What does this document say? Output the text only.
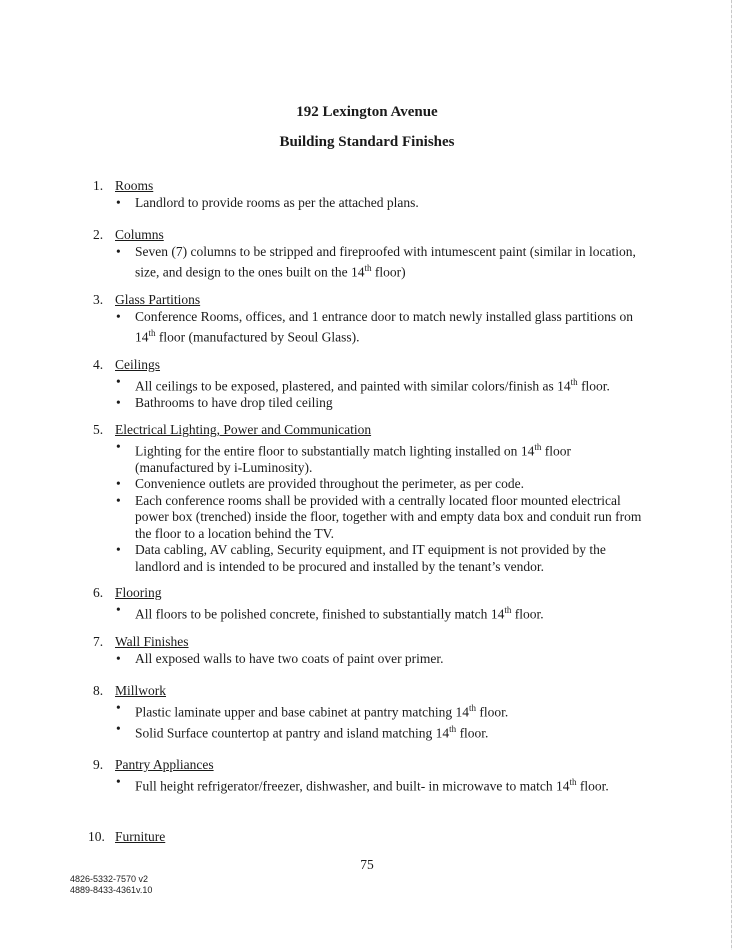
192 Lexington Avenue
Building Standard Finishes

1. Rooms

• Landlord to provide rooms as per the attached plans.

2. Columns

• Seven (7) columns to be stripped and fireproofed with intumescent paint (similar in location, size, and design to the ones built on the 14th floor)

3. Glass Partitions

• Conference Rooms, offices, and 1 entrance door to match newly installed glass partitions on 14th floor (manufactured by Seoul Glass).

4. Ceilings

• All ceilings to be exposed, plastered, and painted with similar colors/finish as 14th floor.
• Bathrooms to have drop tiled ceiling

5. Electrical Lighting, Power and Communication

• Lighting for the entire floor to substantially match lighting installed on 14th floor (manufactured by i-Luminosity).
• Convenience outlets are provided throughout the perimeter, as per code.
• Each conference rooms shall be provided with a centrally located floor mounted electrical power box (trenched) inside the floor, together with and empty data box and conduit run from the floor to a location behind the TV.
• Data cabling, AV cabling, Security equipment, and IT equipment is not provided by the landlord and is intended to be procured and installed by the tenant’s vendor.

6. Flooring

• All floors to be polished concrete, finished to substantially match 14th floor.

7. Wall Finishes

• All exposed walls to have two coats of paint over primer.

8. Millwork

• Plastic laminate upper and base cabinet at pantry matching 14th floor.
• Solid Surface countertop at pantry and island matching 14th floor.

9. Pantry Appliances

• Full height refrigerator/freezer, dishwasher, and built- in microwave to match 14th floor.

10. Furniture

75
4826-5332-7570 v2
4889-8433-4361v.10
